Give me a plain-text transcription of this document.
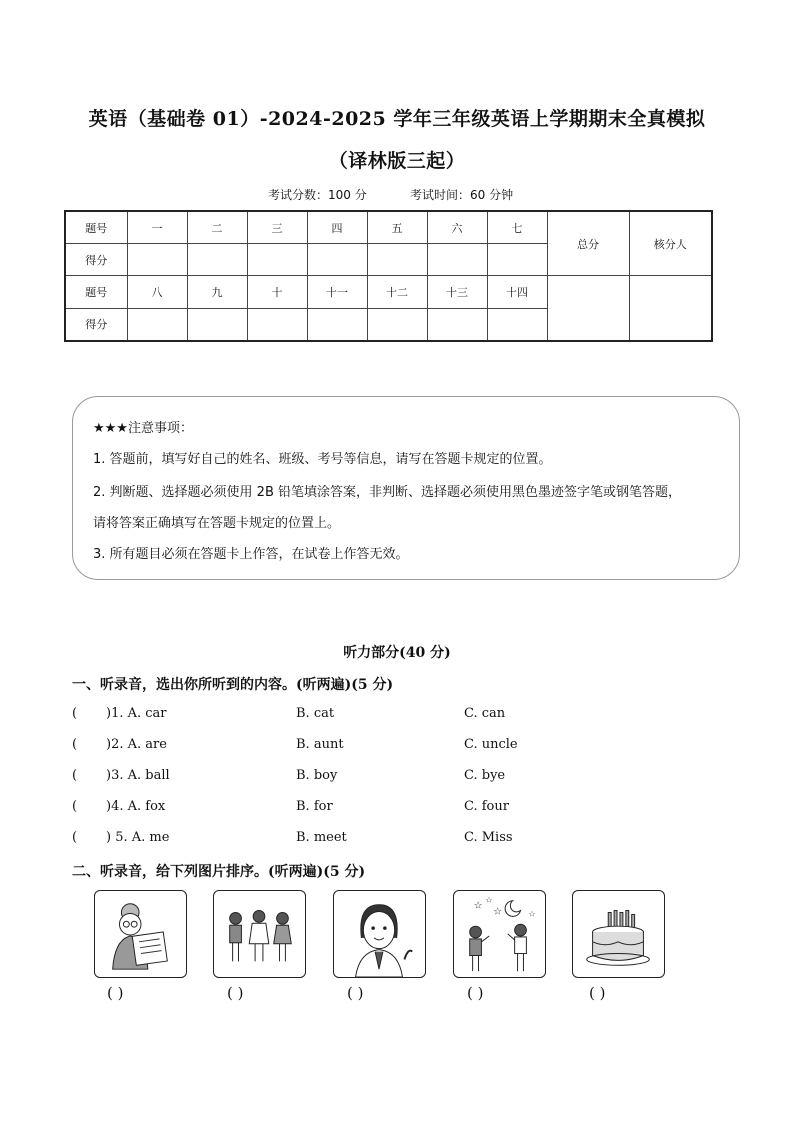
英语（基础卷 01）-2024-2025 学年三年级英语上学期期末全真模拟
（译林版三起）
考试分数：100 分	考试时间：60 分钟
题号	一	二	三	四	五	六	七	总分	核分人
得分									
题号	八	九	十	十一	十二	十三	十四		
得分									

★★★注意事项：

1. 答题前，填写好自己的姓名、班级、考号等信息，请写在答题卡规定的位置。

2. 判断题、选择题必须使用 2B 铅笔填涂答案，非判断、选择题必须使用黑色墨迹签字笔或钢笔答题，

请将答案正确填写在答题卡规定的位置上。

3. 所有题目必须在答题卡上作答，在试卷上作答无效。

听力部分(40 分)
一、听录音，选出你所听到的内容。(听两遍)(5 分)
( )1. A. car	B. cat	C. can
( )2. A. are	B. aunt	C. uncle
( )3. A. ball	B. boy	C. bye
( )4. A. fox	B. for	C. four
( ) 5. A. me	B. meet	C. Miss
二、听录音，给下列图片排序。(听两遍)(5 分)
☆
☆	☆
☆
( )	( )	( )	( )	( )
